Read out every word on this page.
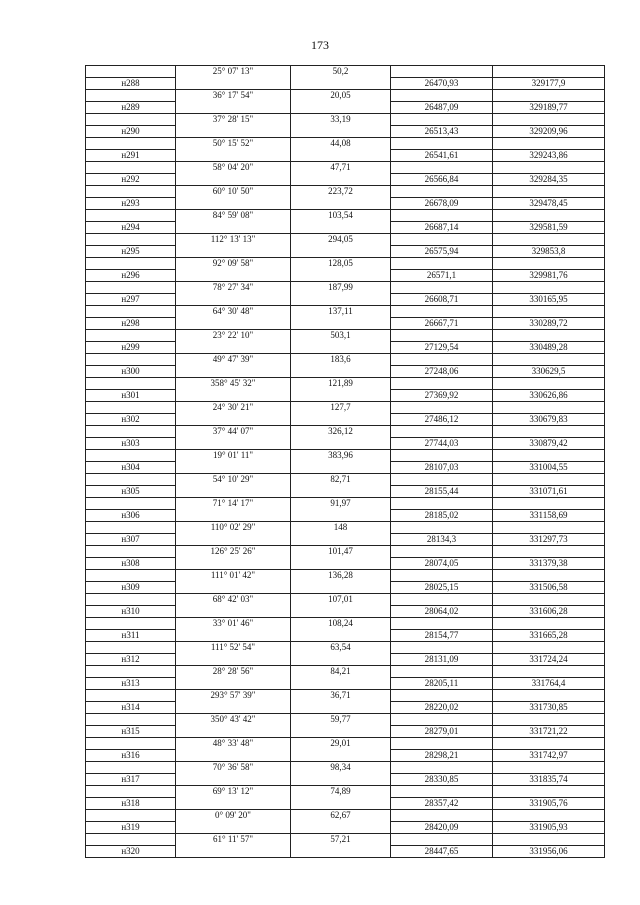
173
	25° 07' 13"	50,2		
н288			26470,93	329177,9
	36° 17' 54"	20,05		
н289			26487,09	329189,77
	37° 28' 15"	33,19		
н290			26513,43	329209,96
	50° 15' 52"	44,08		
н291			26541,61	329243,86
	58° 04' 20"	47,71		
н292			26566,84	329284,35
	60° 10' 50"	223,72		
н293			26678,09	329478,45
	84° 59' 08"	103,54		
н294			26687,14	329581,59
	112° 13' 13"	294,05		
н295			26575,94	329853,8
	92° 09' 58"	128,05		
н296			26571,1	329981,76
	78° 27' 34"	187,99		
н297			26608,71	330165,95
	64° 30' 48"	137,11		
н298			26667,71	330289,72
	23° 22' 10"	503,1		
н299			27129,54	330489,28
	49° 47' 39"	183,6		
н300			27248,06	330629,5
	358° 45' 32"	121,89		
н301			27369,92	330626,86
	24° 30' 21"	127,7		
н302			27486,12	330679,83
	37° 44' 07"	326,12		
н303			27744,03	330879,42
	19° 01' 11"	383,96		
н304			28107,03	331004,55
	54° 10' 29"	82,71		
н305			28155,44	331071,61
	71° 14' 17"	91,97		
н306			28185,02	331158,69
	110° 02' 29"	148		
н307			28134,3	331297,73
	126° 25' 26"	101,47		
н308			28074,05	331379,38
	111° 01' 42"	136,28		
н309			28025,15	331506,58
	68° 42' 03"	107,01		
н310			28064,02	331606,28
	33° 01' 46"	108,24		
н311			28154,77	331665,28
	111° 52' 54"	63,54		
н312			28131,09	331724,24
	28° 28' 56"	84,21		
н313			28205,11	331764,4
	293° 57' 39"	36,71		
н314			28220,02	331730,85
	350° 43' 42"	59,77		
н315			28279,01	331721,22
	48° 33' 48"	29,01		
н316			28298,21	331742,97
	70° 36' 58"	98,34		
н317			28330,85	331835,74
	69° 13' 12"	74,89		
н318			28357,42	331905,76
	0° 09' 20"	62,67		
н319			28420,09	331905,93
	61° 11' 57"	57,21		
н320			28447,65	331956,06
